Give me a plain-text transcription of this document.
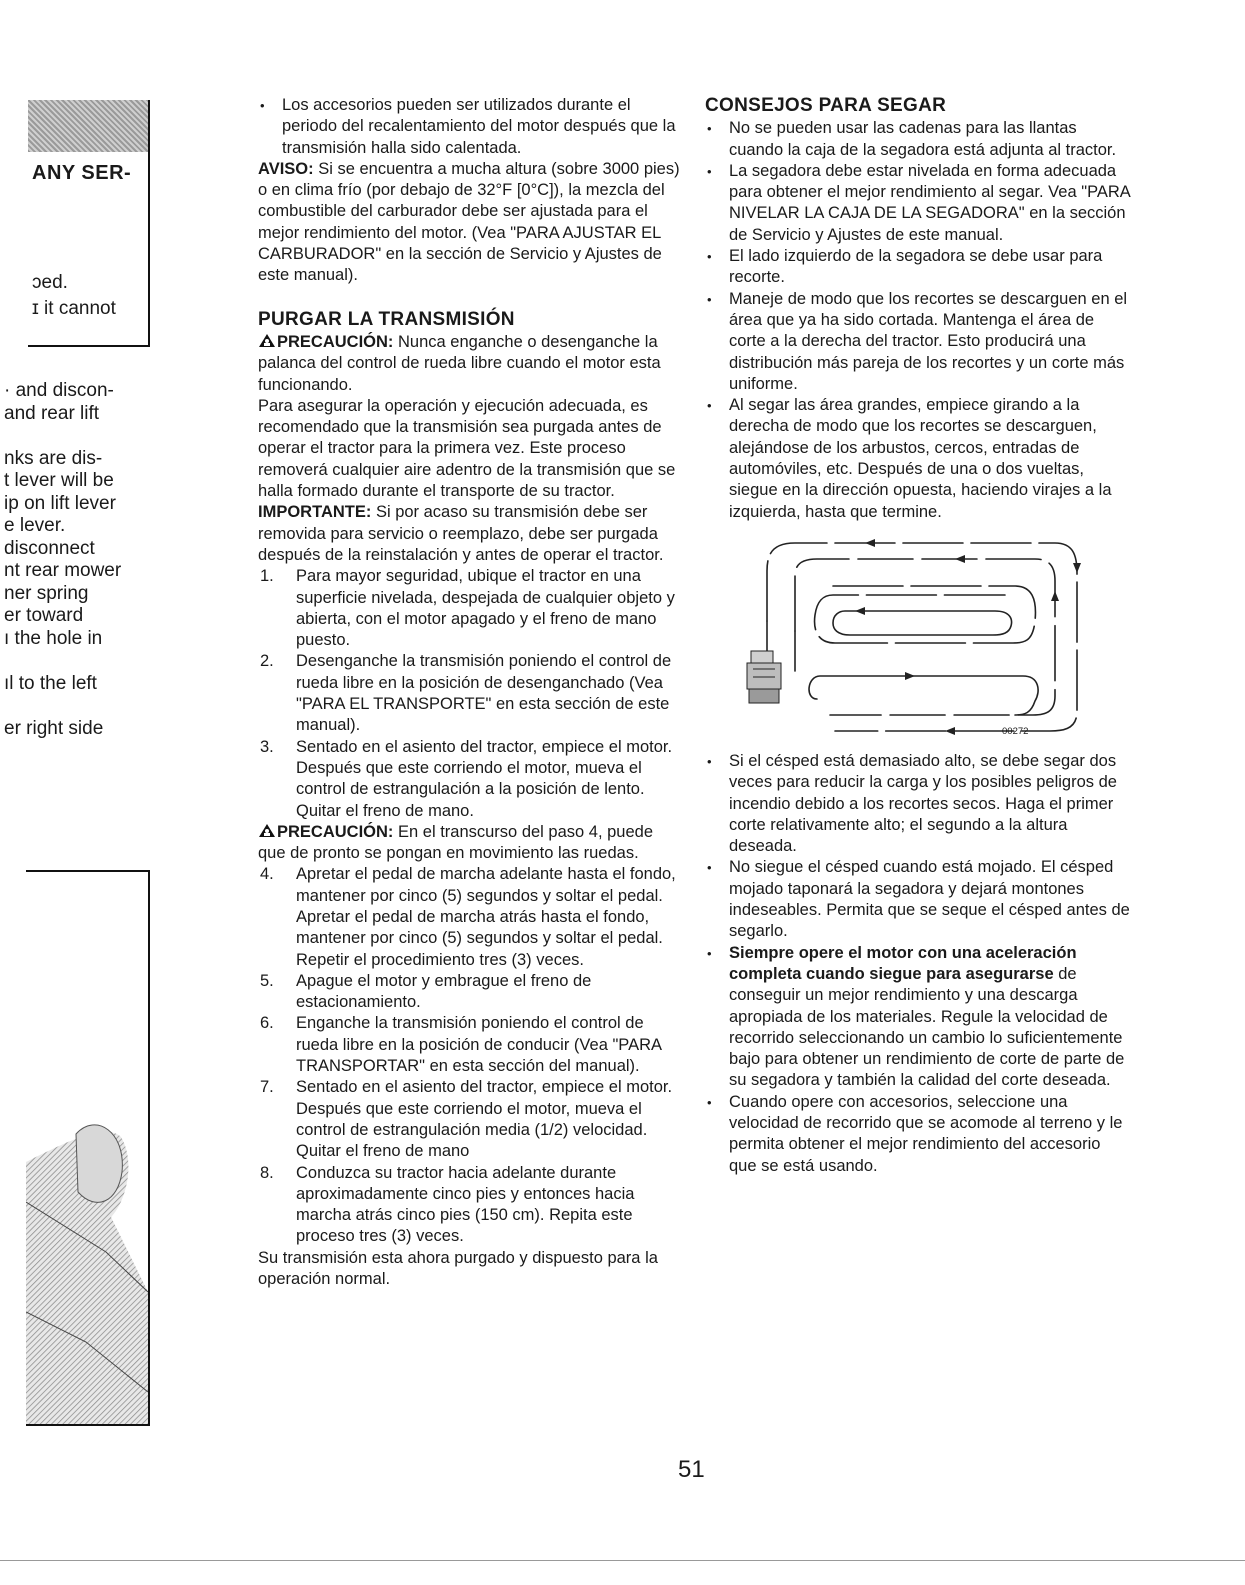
ANY SER-
ɔed.
ɪ it cannot
· and discon-
and rear lift
nks are dis-
t lever will be
ip on lift lever
e lever.
disconnect
nt rear mower
ner spring
er toward
ı the hole in
ıl to the left
er right side

• Los accesorios pueden ser utilizados durante el periodo del recalentamiento del motor después que la transmisión halla sido calentada.

AVISO: Si se encuentra a mucha altura (sobre 3000 pies) o en clima frío (por debajo de 32°F [0°C]), la mezcla del combustible del carburador debe ser ajustada para el mejor rendimiento del motor. (Vea "PARA AJUSTAR EL CARBURADOR" en la sección de Servicio y Ajustes de este manual).

PURGAR LA TRANSMISIÓN

PRECAUCIÓN: Nunca enganche o desenganche la palanca del control de rueda libre cuando el motor esta funcionando.

Para asegurar la operación y ejecución adecuada, es recomendado que la transmisión sea purgada antes de operar el tractor para la primera vez. Este proceso removerá cualquier aire adentro de la transmisión que se halla formado durante el transporte de su tractor.

IMPORTANTE: Si por acaso su transmisión debe ser removida para servicio o reemplazo, debe ser purgada después de la reinstalación y antes de operar el tractor.

1. Para mayor seguridad, ubique el tractor en una superficie nivelada, despejada de cualquier objeto y abierta, con el motor apagado y el freno de mano puesto.

2. Desenganche la transmisión poniendo el control de rueda libre en la posición de desenganchado (Vea "PARA EL TRANSPORTE" en esta sección de este manual).

3. Sentado en el asiento del tractor, empiece el motor. Después que este corriendo el motor, mueva el control de estrangulación a la posición de lento. Quitar el freno de mano.

PRECAUCIÓN: En el transcurso del paso 4, puede que de pronto se pongan en movimiento las ruedas.

4. Apretar el pedal de marcha adelante hasta el fondo, mantener por cinco (5) segundos y soltar el pedal. Apretar el pedal de marcha atrás hasta el fondo, mantener por cinco (5) segundos y soltar el pedal. Repetir el procedimiento tres (3) veces.

5. Apague el motor y embrague el freno de estacionamiento.

6. Enganche la transmisión poniendo el control de rueda libre en la posición de conducir (Vea "PARA TRANSPORTAR" en esta sección del manual).

7. Sentado en el asiento del tractor, empiece el motor. Después que este corriendo el motor, mueva el control de estrangulación media (1/2) velocidad. Quitar el freno de mano

8. Conduzca su tractor hacia adelante durante aproximadamente cinco pies y entonces hacia marcha atrás cinco pies (150 cm). Repita este proceso tres (3) veces.

Su transmisión esta ahora purgado y dispuesto para la operación normal.

CONSEJOS PARA SEGAR

• No se pueden usar las cadenas para las llantas cuando la caja de la segadora está adjunta al tractor.

• La segadora debe estar nivelada en forma adecuada para obtener el mejor rendimiento al segar. Vea "PARA NIVELAR LA CAJA DE LA SEGADORA" en la sección de Servicio y Ajustes de este manual.

• El lado izquierdo de la segadora se debe usar para recorte.

• Maneje de modo que los recortes se descarguen en el área que ya ha sido cortada. Mantenga el área de corte a la derecha del tractor. Esto producirá una distribución más pareja de los recortes y un corte más uniforme.

• Al segar las área grandes, empiece girando a la derecha de modo que los recortes se descarguen, alejándose de los arbustos, cercos, entradas de automóviles, etc. Después de una o dos vueltas, siegue en la dirección opuesta, haciendo virajes a la izquierda, hasta que termine.

00272

• Si el césped está demasiado alto, se debe segar dos veces para reducir la carga y los posibles peligros de incendio debido a los recortes secos. Haga el primer corte relativamente alto; el segundo a la altura deseada.

• No siegue el césped cuando está mojado. El césped mojado taponará la segadora y dejará montones indeseables. Permita que se seque el césped antes de segarlo.

• Siempre opere el motor con una aceleración completa cuando siegue para asegurarse de conseguir un mejor rendimiento y una descarga apropiada de los materiales. Regule la velocidad de recorrido seleccionando un cambio lo suficientemente bajo para obtener un rendimiento de corte de parte de su segadora y también la calidad del corte deseada.

• Cuando opere con accesorios, seleccione una velocidad de recorrido que se acomode al terreno y le permita obtener el mejor rendimiento del accesorio que se está usando.

51
